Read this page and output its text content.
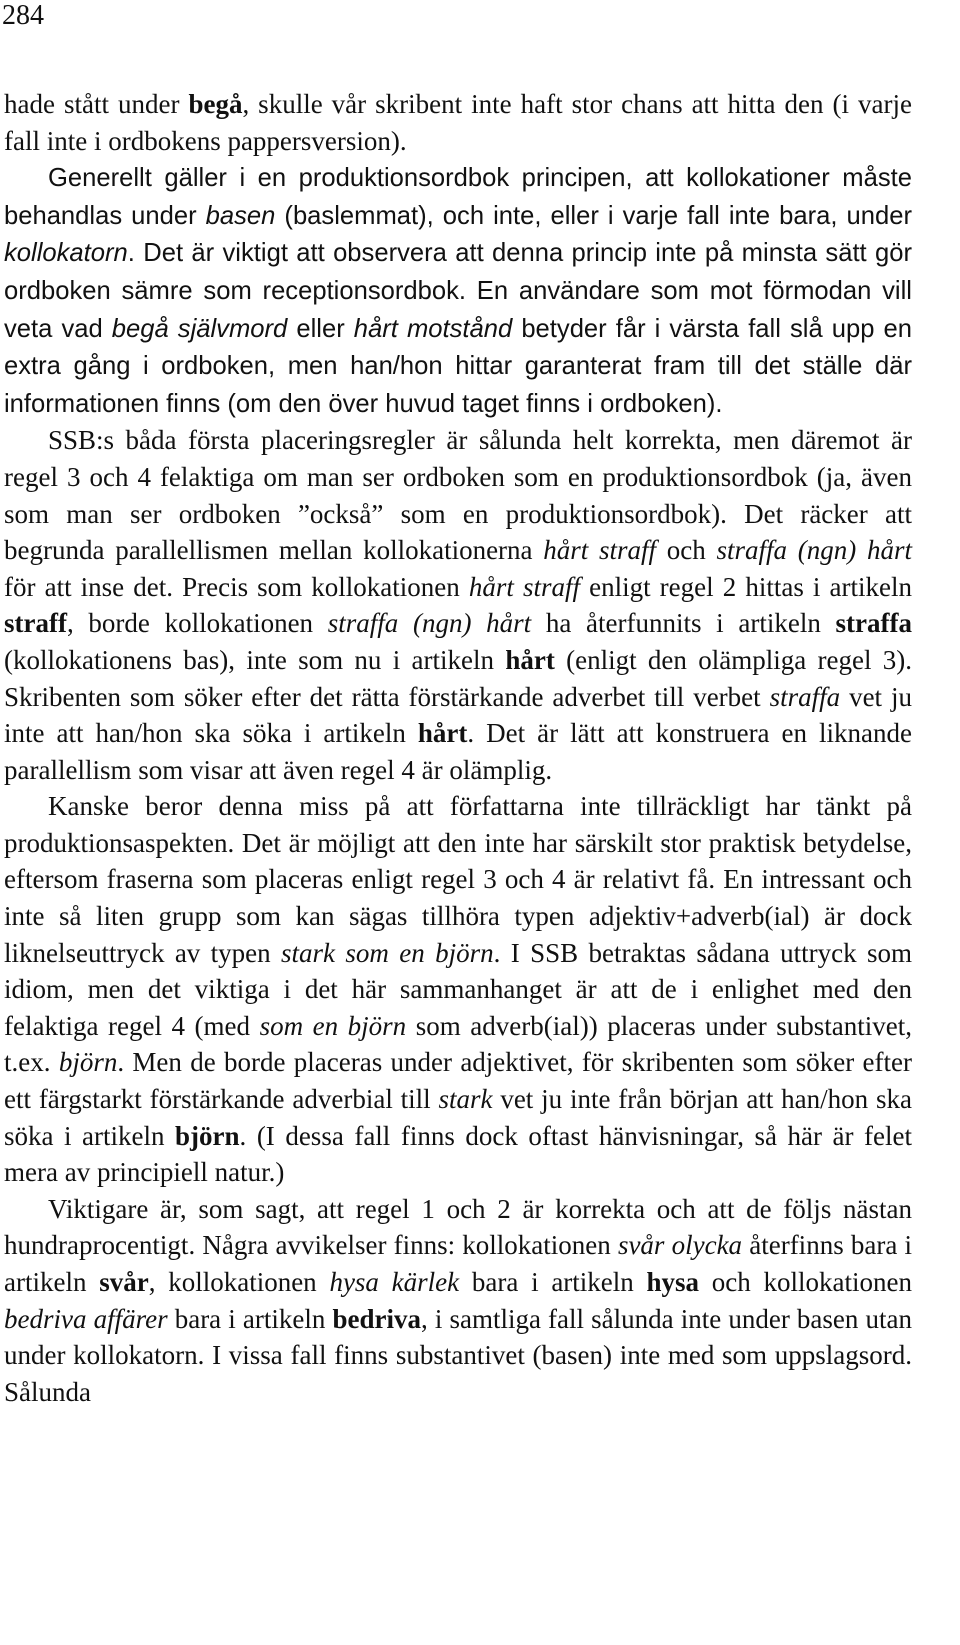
284

hade stått under begå, skulle vår skribent inte haft stor chans att hitta den (i varje fall inte i ordbokens pappersversion).

Generellt gäller i en produktionsordbok principen, att kollokationer måste behandlas under basen (baslemmat), och inte, eller i varje fall inte bara, under kollokatorn. Det är viktigt att observera att denna princip inte på minsta sätt gör ordboken sämre som receptionsordbok. En användare som mot förmodan vill veta vad begå självmord eller hårt motstånd betyder får i värsta fall slå upp en extra gång i ordboken, men han/hon hittar garanterat fram till det ställe där informationen finns (om den över huvud taget finns i ordboken).

SSB:s båda första placeringsregler är sålunda helt korrekta, men däremot är regel 3 och 4 felaktiga om man ser ordboken som en produktionsordbok (ja, även som man ser ordboken ”också” som en produktionsordbok). Det räcker att begrunda parallellismen mellan kollokationerna hårt straff och straffa (ngn) hårt för att inse det. Precis som kollokationen hårt straff enligt regel 2 hittas i artikeln straff, borde kollokationen straffa (ngn) hårt ha återfunnits i artikeln straffa (kollokationens bas), inte som nu i artikeln hårt (enligt den olämpliga regel 3). Skribenten som söker efter det rätta förstärkande adverbet till verbet straffa vet ju inte att han/hon ska söka i artikeln hårt. Det är lätt att konstruera en liknande parallellism som visar att även regel 4 är olämplig.

Kanske beror denna miss på att författarna inte tillräckligt har tänkt på produktionsaspekten. Det är möjligt att den inte har särskilt stor praktisk betydelse, eftersom fraserna som placeras enligt regel 3 och 4 är relativt få. En intressant och inte så liten grupp som kan sägas tillhöra typen adjektiv+adverb(ial) är dock liknelseuttryck av typen stark som en björn. I SSB betraktas sådana uttryck som idiom, men det viktiga i det här sammanhanget är att de i enlighet med den felaktiga regel 4 (med som en björn som adverb(ial)) placeras under substantivet, t.ex. björn. Men de borde placeras under adjektivet, för skribenten som söker efter ett färgstarkt förstärkande adverbial till stark vet ju inte från början att han/hon ska söka i artikeln björn. (I dessa fall finns dock oftast hänvisningar, så här är felet mera av principiell natur.)

Viktigare är, som sagt, att regel 1 och 2 är korrekta och att de följs nästan hundraprocentigt. Några avvikelser finns: kollokationen svår olycka återfinns bara i artikeln svår, kollokationen hysa kärlek bara i artikeln hysa och kollokationen bedriva affärer bara i artikeln bedriva, i samtliga fall sålunda inte under basen utan under kollokatorn. I vissa fall finns substantivet (basen) inte med som uppslagsord. Sålunda
